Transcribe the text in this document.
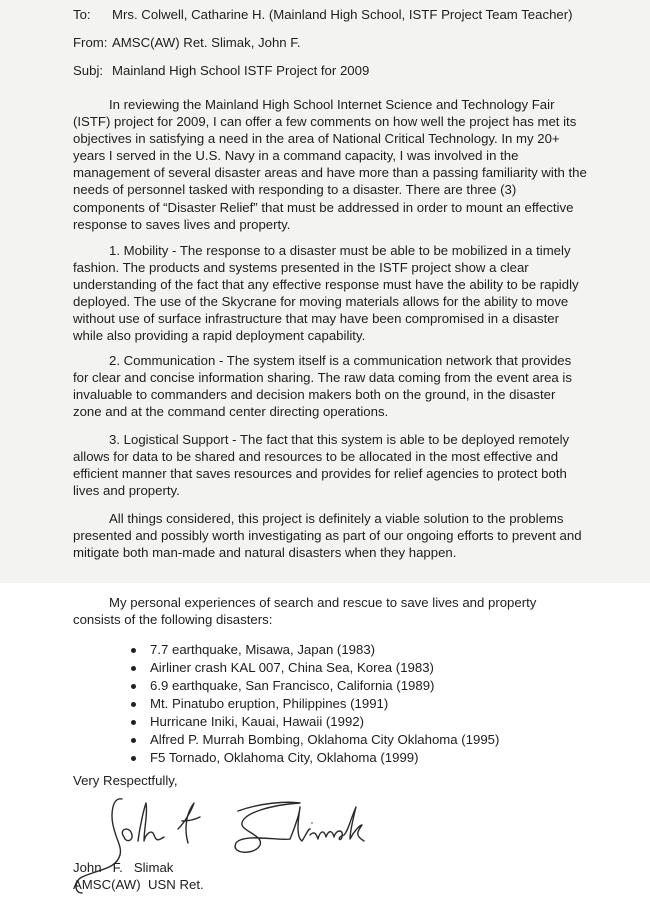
To: Mrs. Colwell, Catharine H. (Mainland High School, ISTF Project Team Teacher)
From: AMSC(AW) Ret. Slimak, John F.
Subj: Mainland High School ISTF Project for 2009
In reviewing the Mainland High School Internet Science and Technology Fair
(ISTF) project for 2009, I can offer a few comments on how well the project has met its
objectives in satisfying a need in the area of National Critical Technology. In my 20+
years I served in the U.S. Navy in a command capacity, I was involved in the
management of several disaster areas and have more than a passing familiarity with the
needs of personnel tasked with responding to a disaster. There are three (3)
components of “Disaster Relief” that must be addressed in order to mount an effective
response to saves lives and property.
1. Mobility - The response to a disaster must be able to be mobilized in a timely
fashion. The products and systems presented in the ISTF project show a clear
understanding of the fact that any effective response must have the ability to be rapidly
deployed. The use of the Skycrane for moving materials allows for the ability to move
without use of surface infrastructure that may have been compromised in a disaster
while also providing a rapid deployment capability.
2. Communication - The system itself is a communication network that provides
for clear and concise information sharing. The raw data coming from the event area is
invaluable to commanders and decision makers both on the ground, in the disaster
zone and at the command center directing operations.
3. Logistical Support - The fact that this system is able to be deployed remotely
allows for data to be shared and resources to be allocated in the most effective and
efficient manner that saves resources and provides for relief agencies to protect both
lives and property.
All things considered, this project is definitely a viable solution to the problems
presented and possibly worth investigating as part of our ongoing efforts to prevent and
mitigate both man-made and natural disasters when they happen.
My personal experiences of search and rescue to save lives and property
consists of the following disasters:
7.7 earthquake, Misawa, Japan (1983)
Airliner crash KAL 007, China Sea, Korea (1983)
6.9 earthquake, San Francisco, California (1989)
Mt. Pinatubo eruption, Philippines (1991)
Hurricane Iniki, Kauai, Hawaii (1992)
Alfred P. Murrah Bombing, Oklahoma City Oklahoma (1995)
F5 Tornado, Oklahoma City, Oklahoma (1999)
Very Respectfully,
John   F.   Slimak
AMSC(AW)  USN Ret.
